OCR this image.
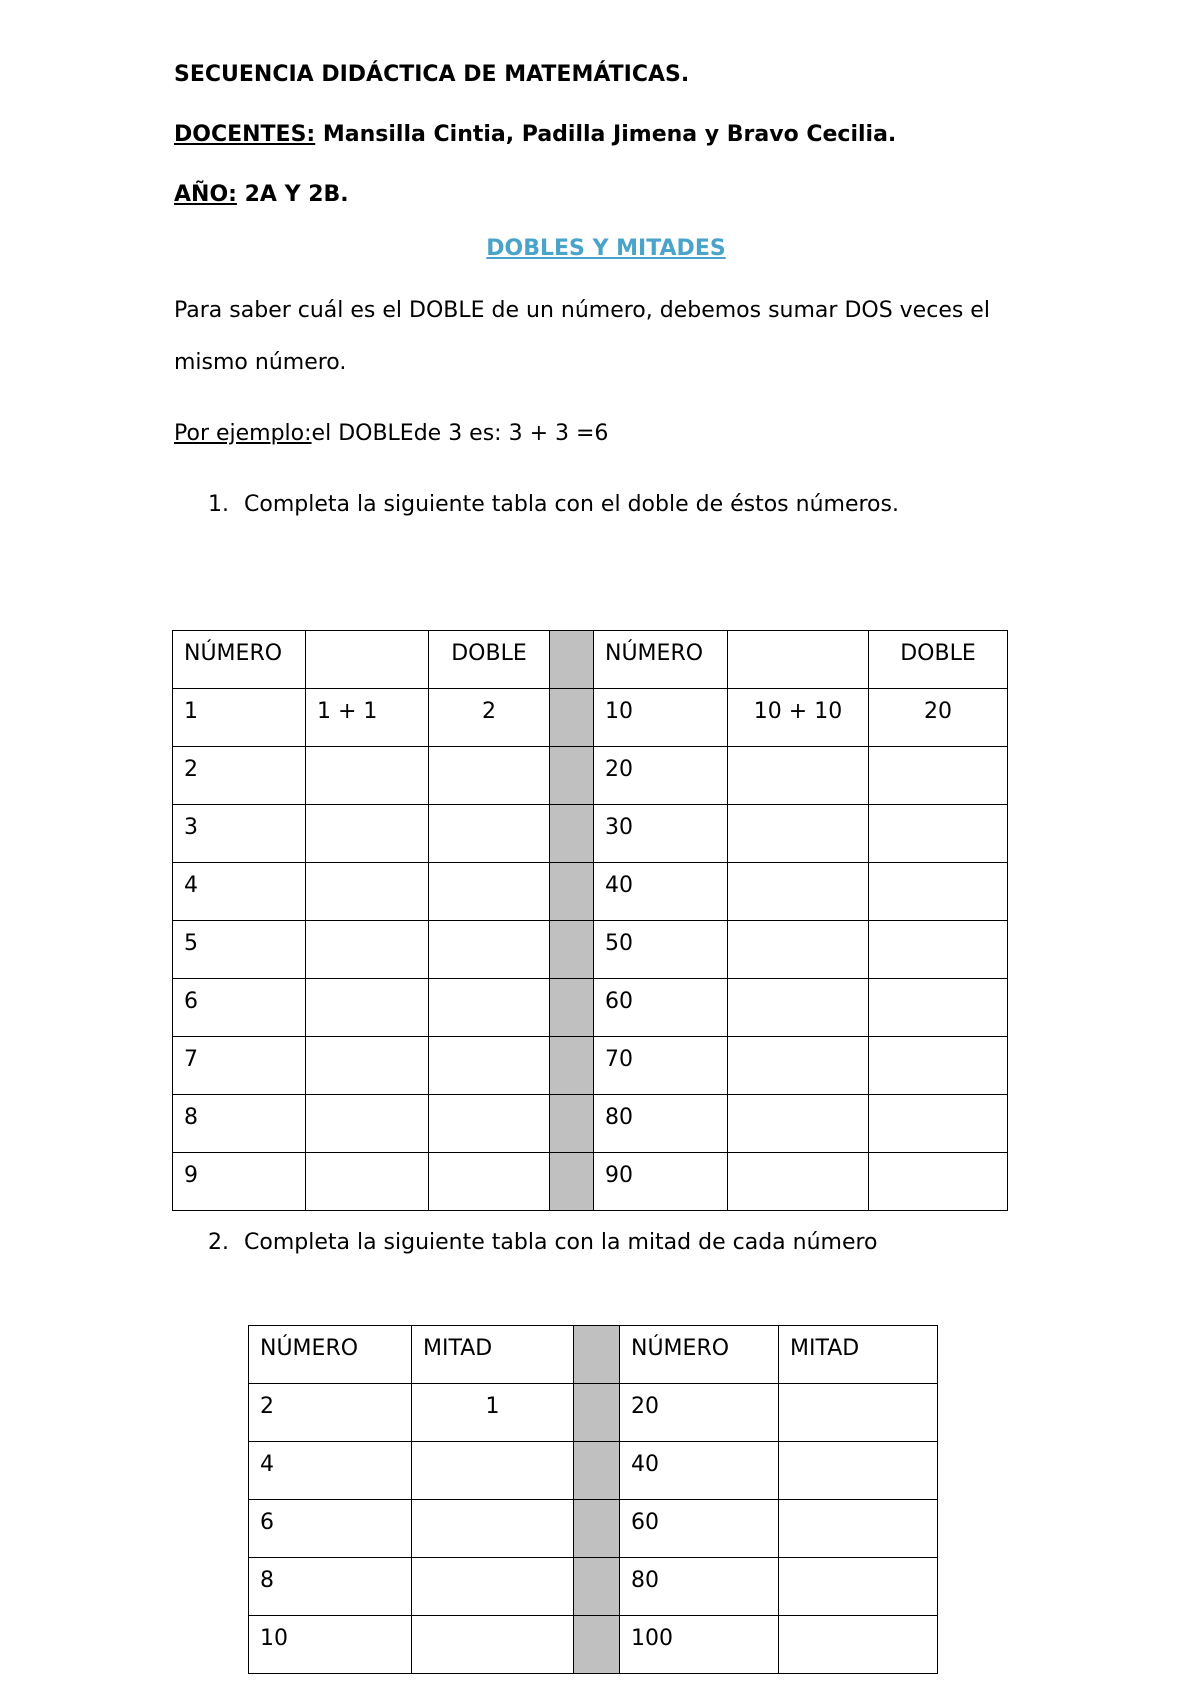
SECUENCIA DIDÁCTICA DE MATEMÁTICAS.
DOCENTES: Mansilla Cintia, Padilla Jimena y Bravo Cecilia.
AÑO: 2A Y 2B.
DOBLES Y MITADES
Para saber cuál es el DOBLE de un número, debemos sumar DOS veces el
mismo número.
Por ejemplo:el DOBLEde 3 es: 3 + 3 =6
1. Completa la siguiente tabla con el doble de éstos números.
NÚMERO		DOBLE		NÚMERO		DOBLE
1	1 + 1	2		10	10 + 10	20
2				20		
3				30		
4				40		
5				50		
6				60		
7				70		
8				80		
9				90		
2. Completa la siguiente tabla con la mitad de cada número
NÚMERO	MITAD		NÚMERO	MITAD
2	1		20	
4			40	
6			60	
8			80	
10			100	
